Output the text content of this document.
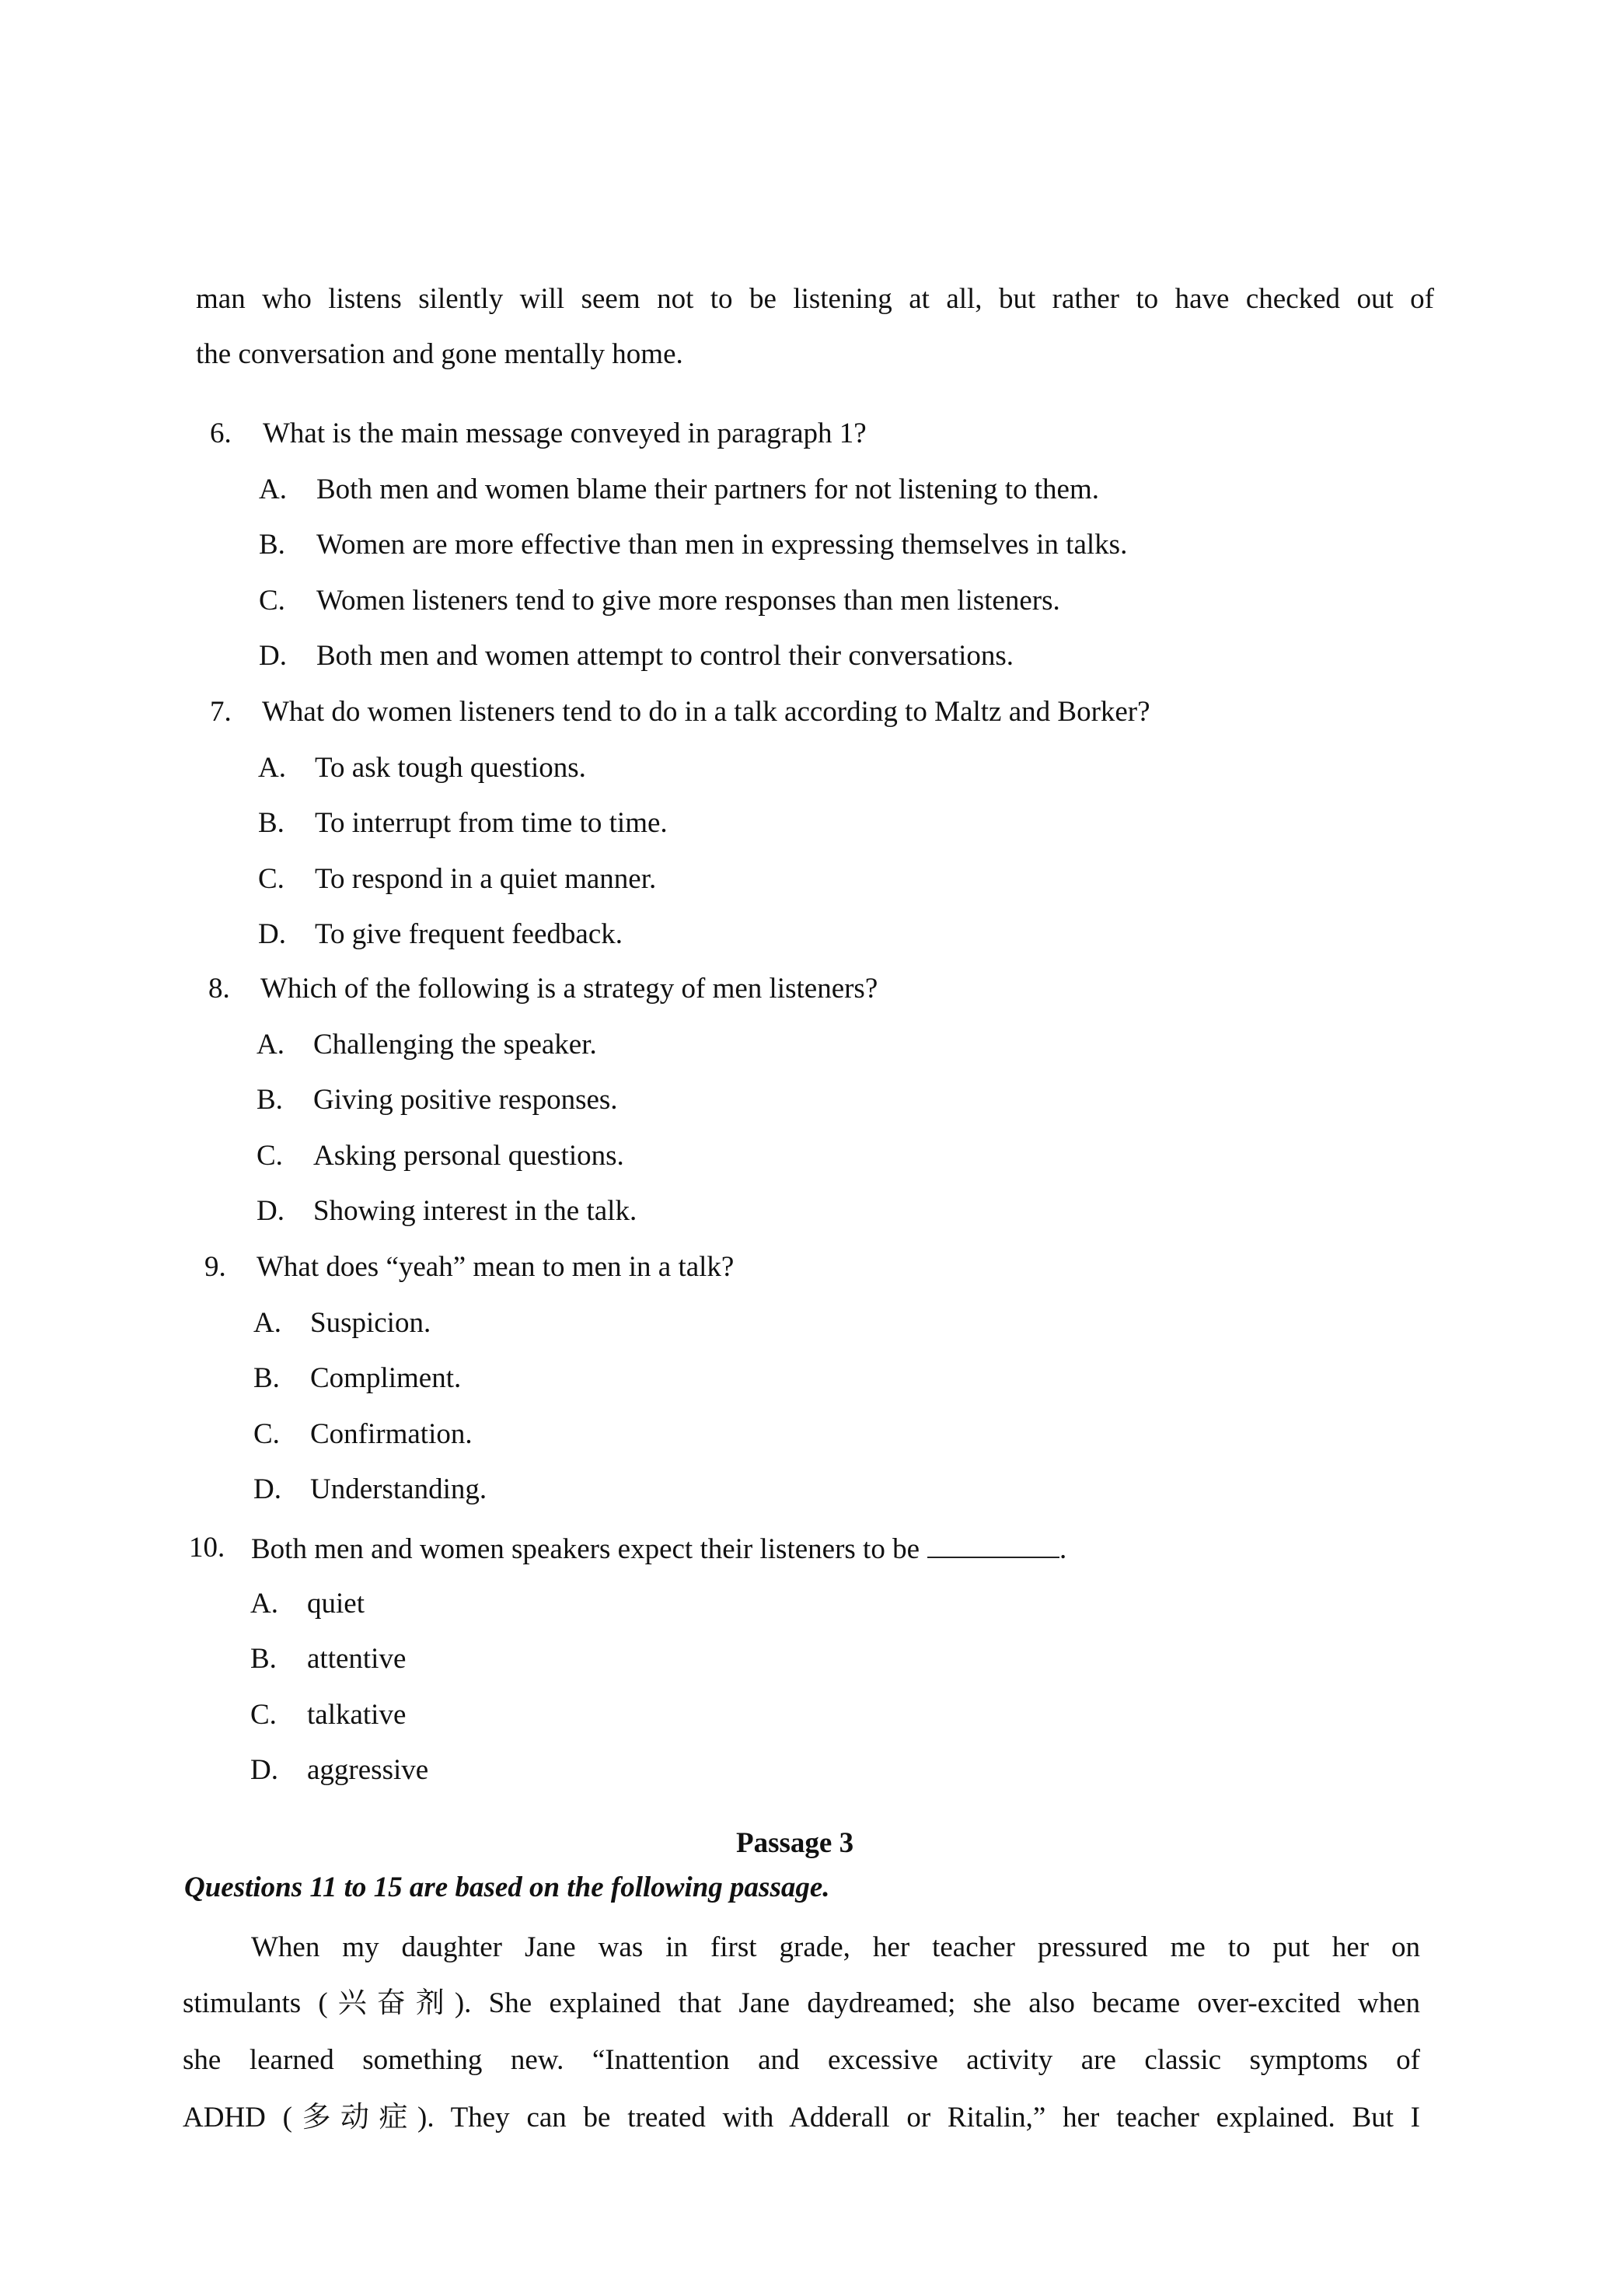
man who listens silently will seem not to be listening at all, but rather to have checked out of
the conversation and gone mentally home.
6. What is the main message conveyed in paragraph 1?
A. Both men and women blame their partners for not listening to them.
B. Women are more effective than men in expressing themselves in talks.
C. Women listeners tend to give more responses than men listeners.
D. Both men and women attempt to control their conversations.
7. What do women listeners tend to do in a talk according to Maltz and Borker?
A. To ask tough questions.
B. To interrupt from time to time.
C. To respond in a quiet manner.
D. To give frequent feedback.
8. Which of the following is a strategy of men listeners?
A. Challenging the speaker.
B. Giving positive responses.
C. Asking personal questions.
D. Showing interest in the talk.
9. What does “yeah” mean to men in a talk?
A. Suspicion.
B. Compliment.
C. Confirmation.
D. Understanding.
10. Both men and women speakers expect their listeners to be	.
A. quiet
B. attentive
C. talkative
D. aggressive
Passage 3
Questions 11 to 15 are based on the following passage.
When my daughter Jane was in first grade, her teacher pressured me to put her on
stimulants (兴奋剂). She explained that Jane daydreamed; she also became over-excited when
she learned something new. “Inattention and excessive activity are classic symptoms of
ADHD (多动症). They can be treated with Adderall or Ritalin,” her teacher explained. But I
